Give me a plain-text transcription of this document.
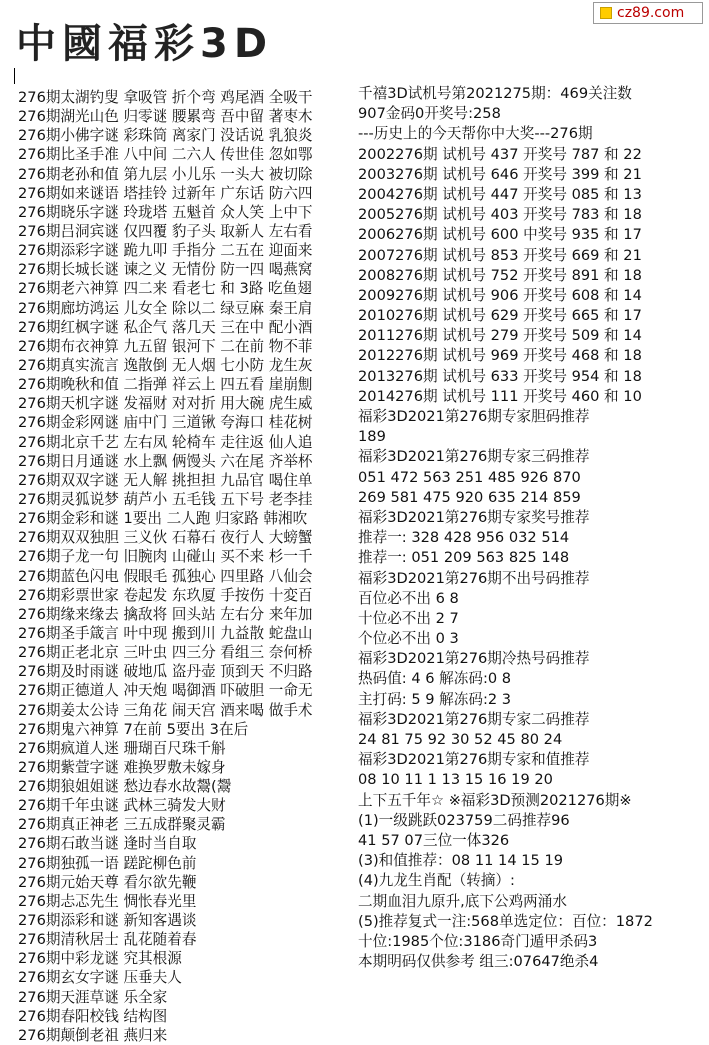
中國福彩3D
cz89.com
276期太湖钓叟 拿吸管 折个弯 鸡尾酒 全吸干
276期湖光山色 归零谜 腰累弯 吾中留 著枣木
276期小佛字谜 彩珠筒 离家门 没话说 乳狼炎
276期比圣手准 八中间 二六人 传世佳 忽如鄂
276期老孙和值 第九层 小儿乐 一头大 被切除
276期如来谜语 塔挂铃 过新年 广东话 防六四
276期晓乐字谜 玲珑塔 五魁首 众人笑 上中下
276期吕洞宾谜 仅四覆 豹子头 取新人 左右看
276期添彩字谜 跪九叩 手指分 二五在 迎面来
276期长城长谜 谏之义 无情份 防一四 喝燕窝
276期老六神算 四二来 看老七 和 3路 吃鱼翅
276期廊坊鸿运 儿女全 除以二 绿豆麻 秦王肩
276期红枫字谜 私企气 落几天 三在中 配小酒
276期布衣神算 九五留 银河下 二在前 物不菲
276期真实流言 逸散倒 无人烟 七小防 龙生灰
276期晚秋和值 二指弹 祥云上 四五看 崖崩劁
276期天机字谜 发福财 对对折 用大碗 虎生威
276期金彩网谜 庙中门 三道锹 夸海口 桂花树
276期北京千艺 左右凤 轮椅车 走往返 仙人追
276期日月通谜 水上飘 俩馒头 六在尾 齐举杯
276期双双字谜 无人解 挑担担 九品官 喝住单
276期灵狐说梦 葫芦小 五毛钱 五下号 老李挂
276期金彩和谜 1要出 二人跑 归家路 韩湘吹
276期双双独胆 三义伙 石幕石 夜行人 大螃蟹
276期子龙一句 旧腕肉 山碰山 买不来 杉一千
276期蓝色闪电 假眼毛 孤独心 四里路 八仙会
276期彩票世家 卷起发 东玖厦 手按伤 十変百
276期缘来缘去 擒敌将 回头站 左右分 来年加
276期圣手箴言 叶中现 搬到川 九益散 蛇盘山
276期正老北京 三叶虫 四三分 看组三 奈何桥
276期及时雨谜 破地瓜 盗丹壶 顶到天 不归路
276期正德道人 冲天炮 喝御酒 吓破胆 一命无
276期姜太公诗 三角花 闹天宫 酒来喝 做手术
276期鬼六神算 7在前 5要出 3在后
276期疯道人迷 珊瑚百尺珠千斛
276期紫萱字谜 难换罗敷未嫁身
276期狼姐姐谜 愁边春水故鬶(鬶
276期千年虫谜 武林三骑发大财
276期真正神老 三五成群聚灵霸
276期石敢当谜 逢时当自取
276期独孤一语 蹉跎柳色前
276期元始天尊 看尔欲先鞭
276期忐忑先生 惆怅春光里
276期添彩和谜 新知客遇谈
276期清秋居士 乱花随着春
276期中彩龙谜 究其根源
276期玄女字谜 压垂夫人
276期天涯草谜 乐全家
276期春阳校钱 结构图
276期颠倒老祖 燕归来
千禧3D试机号第2021275期：469关注数
907金码0开奖号:258
---历史上的今天帮你中大奖---276期
2002276期 试机号 437 开奖号 787 和 22
2003276期 试机号 646 开奖号 399 和 21
2004276期 试机号 447 开奖号 085 和 13
2005276期 试机号 403 开奖号 783 和 18
2006276期 试机号 600 中奖号 935 和 17
2007276期 试机号 853 开奖号 669 和 21
2008276期 试机号 752 开奖号 891 和 18
2009276期 试机号 906 开奖号 608 和 14
2010276期 试机号 629 开奖号 665 和 17
2011276期 试机号 279 开奖号 509 和 14
2012276期 试机号 969 开奖号 468 和 18
2013276期 试机号 633 开奖号 954 和 18
2014276期 试机号 111 开奖号 460 和 10
福彩3D2021第276期专家胆码推荐
189
福彩3D2021第276期专家三码推荐
051 472 563 251 485 926 870
269 581 475 920 635 214 859
福彩3D2021第276期专家奖号推荐
推荐一: 328 428 956 032 514
推荐一: 051 209 563 825 148
福彩3D2021第276期不出号码推荐
百位必不出 6 8
十位必不出 2 7
个位必不出 0 3
福彩3D2021第276期冷热号码推荐
热码值: 4 6 解冻码:0 8
主打码: 5 9 解冻码:2 3
福彩3D2021第276期专家二码推荐
24 81 75 92 30 52 45 80 24
福彩3D2021第276期专家和值推荐
08 10 11 1 13 15 16 19 20
上下五千年☆ ※福彩3D预测2021276期※
(1)一级跳跃023759二码推荐96
41 57 07三位一体326
(3)和值推荐：08 11 14 15 19
(4)九龙生肖配（转摘）:
二期血泪九原升,底下公鸡两涌水
(5)推荐复式一注:568单选定位：百位：1872
十位:1985个位:3186奇门遁甲杀码3
本期明码仅供参考 组三:07647绝杀4
